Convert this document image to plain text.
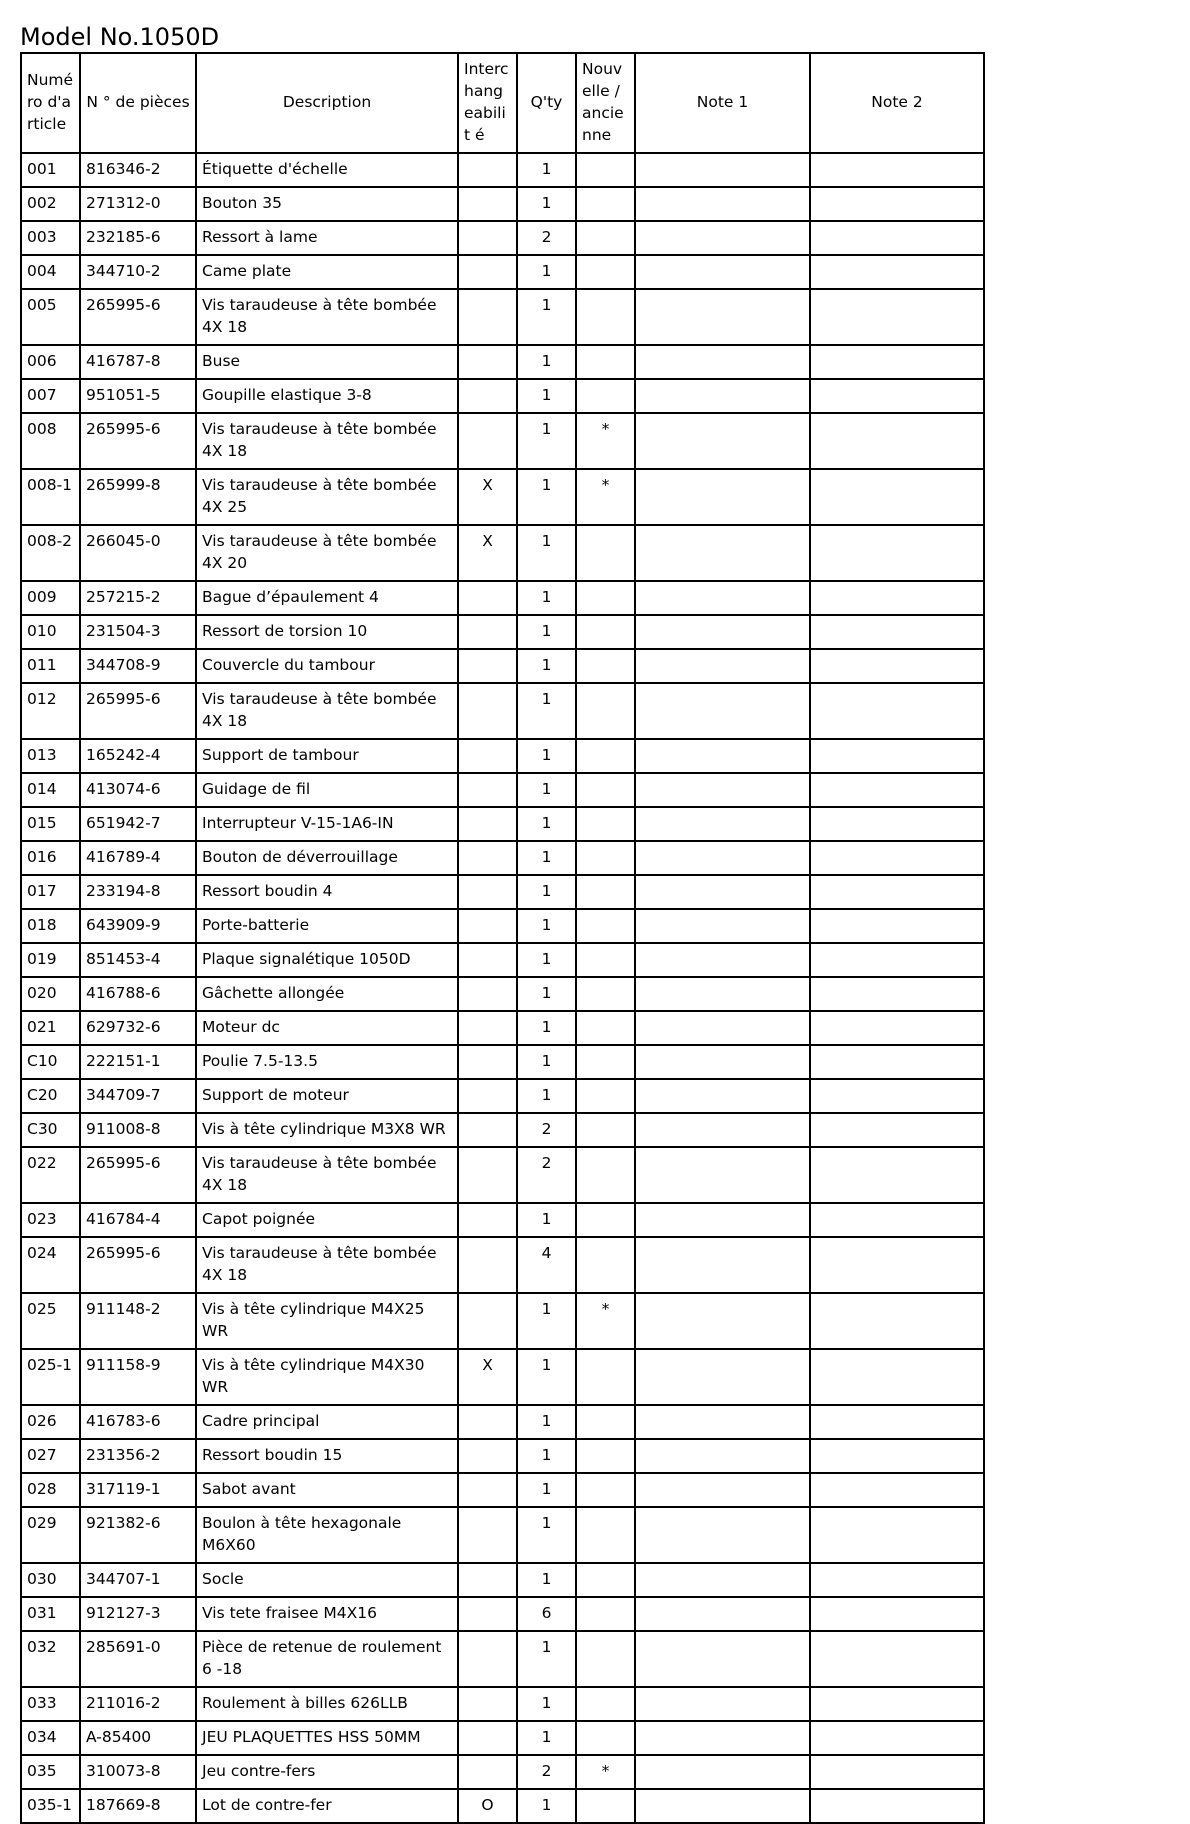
Model No.1050D
Numé ro d'a rticle	N ° de pièces	Description	Interc hang eabilit é	Q'ty	Nouv elle / ancie nne	Note 1	Note 2
001	816346-2	Étiquette d'échelle		1			
002	271312-0	Bouton 35		1			
003	232185-6	Ressort à lame		2			
004	344710-2	Came plate		1			
005	265995-6	Vis taraudeuse à tête bombée 4X 18		1			
006	416787-8	Buse		1			
007	951051-5	Goupille elastique 3-8		1			
008	265995-6	Vis taraudeuse à tête bombée 4X 18		1	*		
008-1	265999-8	Vis taraudeuse à tête bombée 4X 25	X	1	*		
008-2	266045-0	Vis taraudeuse à tête bombée 4X 20	X	1			
009	257215-2	Bague d’épaulement 4		1			
010	231504-3	Ressort de torsion 10		1			
011	344708-9	Couvercle du tambour		1			
012	265995-6	Vis taraudeuse à tête bombée 4X 18		1			
013	165242-4	Support de tambour		1			
014	413074-6	Guidage de fil		1			
015	651942-7	Interrupteur V-15-1A6-IN		1			
016	416789-4	Bouton de déverrouillage		1			
017	233194-8	Ressort boudin 4		1			
018	643909-9	Porte-batterie		1			
019	851453-4	Plaque signalétique 1050D		1			
020	416788-6	Gâchette allongée		1			
021	629732-6	Moteur dc		1			
C10	222151-1	Poulie 7.5-13.5		1			
C20	344709-7	Support de moteur		1			
C30	911008-8	Vis à tête cylindrique M3X8 WR		2			
022	265995-6	Vis taraudeuse à tête bombée 4X 18		2			
023	416784-4	Capot poignée		1			
024	265995-6	Vis taraudeuse à tête bombée 4X 18		4			
025	911148-2	Vis à tête cylindrique M4X25 WR		1	*		
025-1	911158-9	Vis à tête cylindrique M4X30 WR	X	1			
026	416783-6	Cadre principal		1			
027	231356-2	Ressort boudin 15		1			
028	317119-1	Sabot avant		1			
029	921382-6	Boulon à tête hexagonale M6X60		1			
030	344707-1	Socle		1			
031	912127-3	Vis tete fraisee M4X16		6			
032	285691-0	Pièce de retenue de roulement 6 -18		1			
033	211016-2	Roulement à billes 626LLB		1			
034	A-85400	JEU PLAQUETTES HSS 50MM		1			
035	310073-8	Jeu contre-fers		2	*		
035-1	187669-8	Lot de contre-fer	O	1			
